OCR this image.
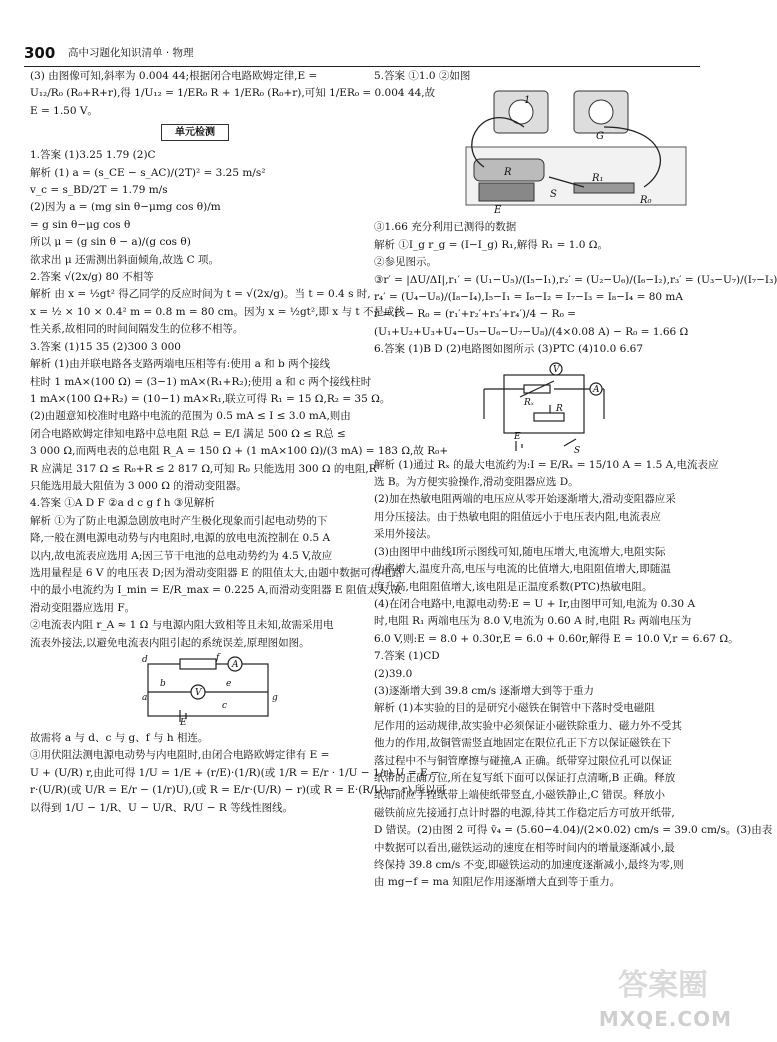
300 高中习题化知识清单 · 物理
(3) 由图像可知,斜率为 0.004 44;根据闭合电路欧姆定律,E =
U₁₂/R₀ (R₀+R+r),得 1/U₁₂ = 1/ER₀ R + 1/ER₀ (R₀+r),可知 1/ER₀ = 0.004 44,故
E = 1.50 V。
单元检测
1.答案 (1)3.25 1.79 (2)C
解析 (1) a = (s_CE − s_AC)/(2T)² = 3.25 m/s²
v_c = s_BD/2T = 1.79 m/s
(2)因为 a = (mg sin θ−μmg cos θ)/m
= g sin θ−μg cos θ
所以 μ = (g sin θ − a)/(g cos θ)
欲求出 μ 还需测出斜面倾角,故选 C 项。
2.答案 √(2x/g) 80 不相等
解析 由 x = ½gt² 得乙同学的反应时间为 t = √(2x/g)。当 t = 0.4 s 时,
x = ½ × 10 × 0.4² m = 0.8 m = 80 cm。因为 x = ½gt²,即 x 与 t 不是成线
性关系,故相同的时间间隔发生的位移不相等。
3.答案 (1)15 35 (2)300 3 000
解析 (1)由并联电路各支路两端电压相等有:使用 a 和 b 两个接线
柱时 1 mA×(100 Ω) = (3−1) mA×(R₁+R₂);使用 a 和 c 两个接线柱时
1 mA×(100 Ω+R₂) = (10−1) mA×R₁,联立可得 R₁ = 15 Ω,R₂ = 35 Ω。
(2)由题意知校准时电路中电流的范围为 0.5 mA ≤ I ≤ 3.0 mA,则由
闭合电路欧姆定律知电路中总电阻 R总 = E/I 满足 500 Ω ≤ R总 ≤
3 000 Ω,而两电表的总电阻 R_A = 150 Ω + (1 mA×100 Ω)/(3 mA) = 183 Ω,故 R₀+
R 应满足 317 Ω ≤ R₀+R ≤ 2 817 Ω,可知 R₀ 只能选用 300 Ω 的电阻,R
只能选用最大阻值为 3 000 Ω 的滑动变阻器。
4.答案 ①A D F ②a d c g f h ③见解析
解析 ①为了防止电源急剧放电时产生极化现象而引起电动势的下
降,一般在测电源电动势与内电阻时,电源的放电电流控制在 0.5 A
以内,故电流表应选用 A;因三节干电池的总电动势约为 4.5 V,故应
选用量程是 6 V 的电压表 D;因为滑动变阻器 E 的阻值太大,由题中数据可得电路
中的最小电流约为 I_min = E/R_max = 0.225 A,而滑动变阻器 E 阻值太大,故
滑动变阻器应选用 F。
②电流表内阻 r_A ≈ 1 Ω 与电源内阻大致相等且未知,故需采用电
流表外接法,以避免电流表内阻引起的系统误差,原理图如图。
d	f
A
b
a	V
e
E
c
g
故需将 a 与 d、c 与 g、f 与 h 相连。
③用伏阻法测电源电动势与内电阻时,由闭合电路欧姆定律有 E =
U + (U/R) r,由此可得 1/U = 1/E + (r/E)·(1/R)(或 1/R = E/r · 1/U − 1/r),U = E −
r·(U/R)(或 U/R = E/r − (1/r)U),(或 R = E/r·(U/R) − r)(或 R = E·(R/U) − r),所以可
以得到 1/U − 1/R、U − U/R、R/U − R 等线性图线。
5.答案 ①1.0 ②如图
G
R
E
S
R₁
R₀
1
③1.66 充分利用已测得的数据
解析 ①I_g r_g = (I−I_g) R₁,解得 R₁ = 1.0 Ω。
②参见图示。
③r′ = |ΔU/ΔI|,r₁′ = (U₁−U₅)/(I₅−I₁),r₂′ = (U₂−U₆)/(I₆−I₂),r₃′ = (U₃−U₇)/(I₇−I₃)
r₄′ = (U₄−U₈)/(I₈−I₄),I₅−I₁ = I₆−I₂ = I₇−I₃ = I₈−I₄ = 80 mA
r̄ = r̄′ − R₀ = (r₁′+r₂′+r₃′+r₄′)/4 − R₀ =
(U₁+U₂+U₃+U₄−U₅−U₆−U₇−U₈)/(4×0.08 A) − R₀ = 1.66 Ω
6.答案 (1)B D (2)电路图如图所示 (3)PTC (4)10.0 6.67
V
A
Rₓ
R
E
S
解析 (1)通过 Rₓ 的最大电流约为:I = E/Rₓ = 15/10 A = 1.5 A,电流表应
选 B。为方便实验操作,滑动变阻器应选 D。
(2)加在热敏电阻两端的电压应从零开始逐渐增大,滑动变阻器应采
用分压接法。由于热敏电阻的阻值远小于电压表内阻,电流表应
采用外接法。
(3)由图甲中曲线Ⅰ所示图线可知,随电压增大,电流增大,电阻实际
功率增大,温度升高,电压与电流的比值增大,电阻阻值增大,即随温
度升高,电阻阻值增大,该电阻是正温度系数(PTC)热敏电阻。
(4)在闭合电路中,电源电动势:E = U + Ir,由图甲可知,电流为 0.30 A
时,电阻 R₁ 两端电压为 8.0 V,电流为 0.60 A 时,电阻 R₂ 两端电压为
6.0 V,则:E = 8.0 + 0.30r,E = 6.0 + 0.60r,解得 E = 10.0 V,r = 6.67 Ω。
7.答案 (1)CD
(2)39.0
(3)逐渐增大到 39.8 cm/s 逐渐增大到等于重力
解析 (1)本实验的目的是研究小磁铁在铜管中下落时受电磁阻
尼作用的运动规律,故实验中必须保证小磁铁除重力、磁力外不受其
他力的作用,故铜管需竖直地固定在限位孔正下方以保证磁铁在下
落过程中不与铜管摩擦与碰撞,A 正确。纸带穿过限位孔可以保证
纸带的正确方位,所在复写纸下面可以保证打点清晰,B 正确。释放
纸带前应手捏纸带上端使纸带竖直,小磁铁静止,C 错误。释放小
磁铁前应先接通打点计时器的电源,待其工作稳定后方可放开纸带,
D 错误。(2)由图 2 可得 v̄₄ = (5.60−4.04)/(2×0.02) cm/s = 39.0 cm/s。(3)由表
中数据可以看出,磁铁运动的速度在相等时间内的增量逐渐减小,最
终保持 39.8 cm/s 不变,即磁铁运动的加速度逐渐减小,最终为零,则
由 mg−f = ma 知阻尼作用逐渐增大直到等于重力。
答案圈
MXQE.COM
